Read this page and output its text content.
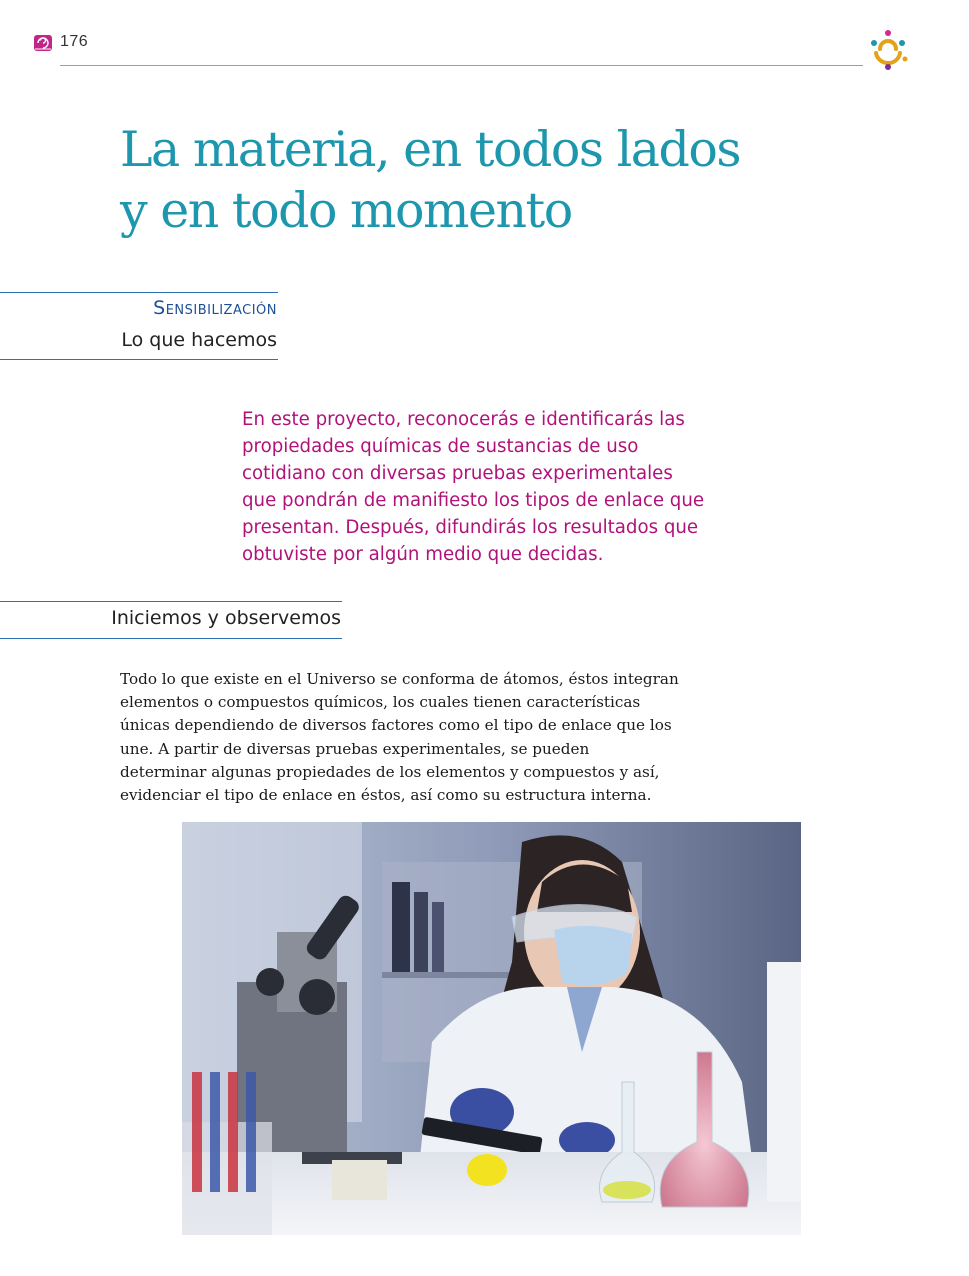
176
La materia, en todos lados
y en todo momento
Sensibilización
Lo que hacemos

En este proyecto, reconocerás e identificarás las propiedades químicas de sustancias de uso cotidiano con diversas pruebas experimentales que pondrán de manifiesto los tipos de enlace que presentan. Después, difundirás los resultados que obtuviste por algún medio que decidas.

Iniciemos y observemos

Todo lo que existe en el Universo se conforma de átomos, éstos integran elementos o compuestos químicos, los cuales tienen características únicas dependiendo de diversos factores como el tipo de enlace que los une. A partir de diversas pruebas experimentales, se pueden determinar algunas propiedades de los elementos y compuestos y así, evidenciar el tipo de enlace en éstos, así como su estructura interna.
